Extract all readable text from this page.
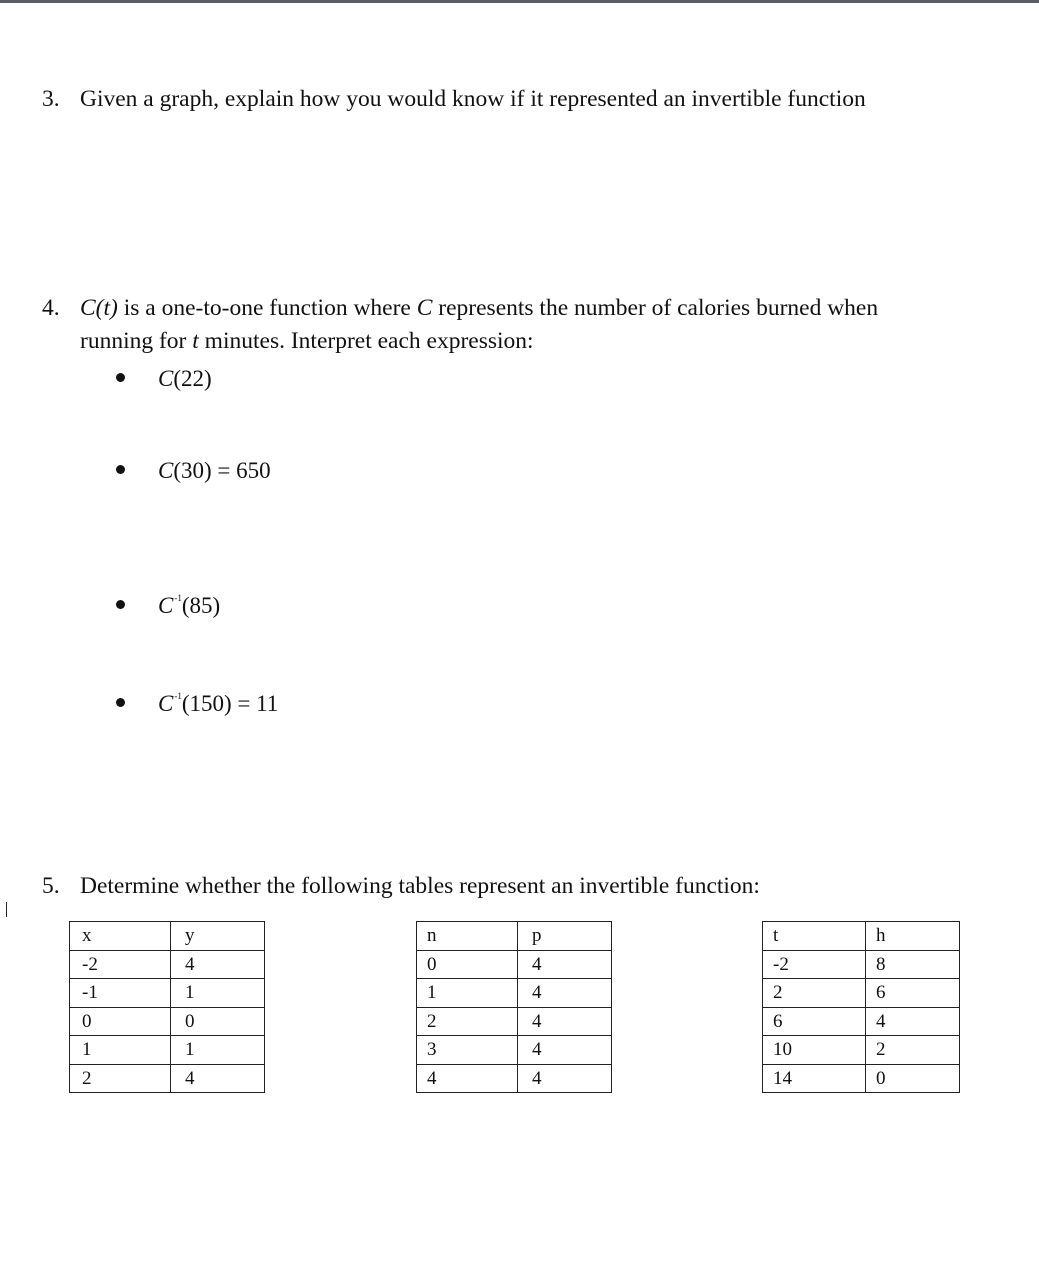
3. Given a graph, explain how you would know if it represented an invertible function
4. C(t) is a one-to-one function where C represents the number of calories burned when
running for t minutes. Interpret each expression:
C(22)
C(30) = 650
$C^{-1}(85)$
$C^{-1}(150) = 11$
5. Determine whether the following tables represent an invertible function:
x	y
-2	4
-1	1
0	0
1	1
2	4
n	p
0	4
1	4
2	4
3	4
4	4
t	h
-2	8
2	6
6	4
10	2
14	0
